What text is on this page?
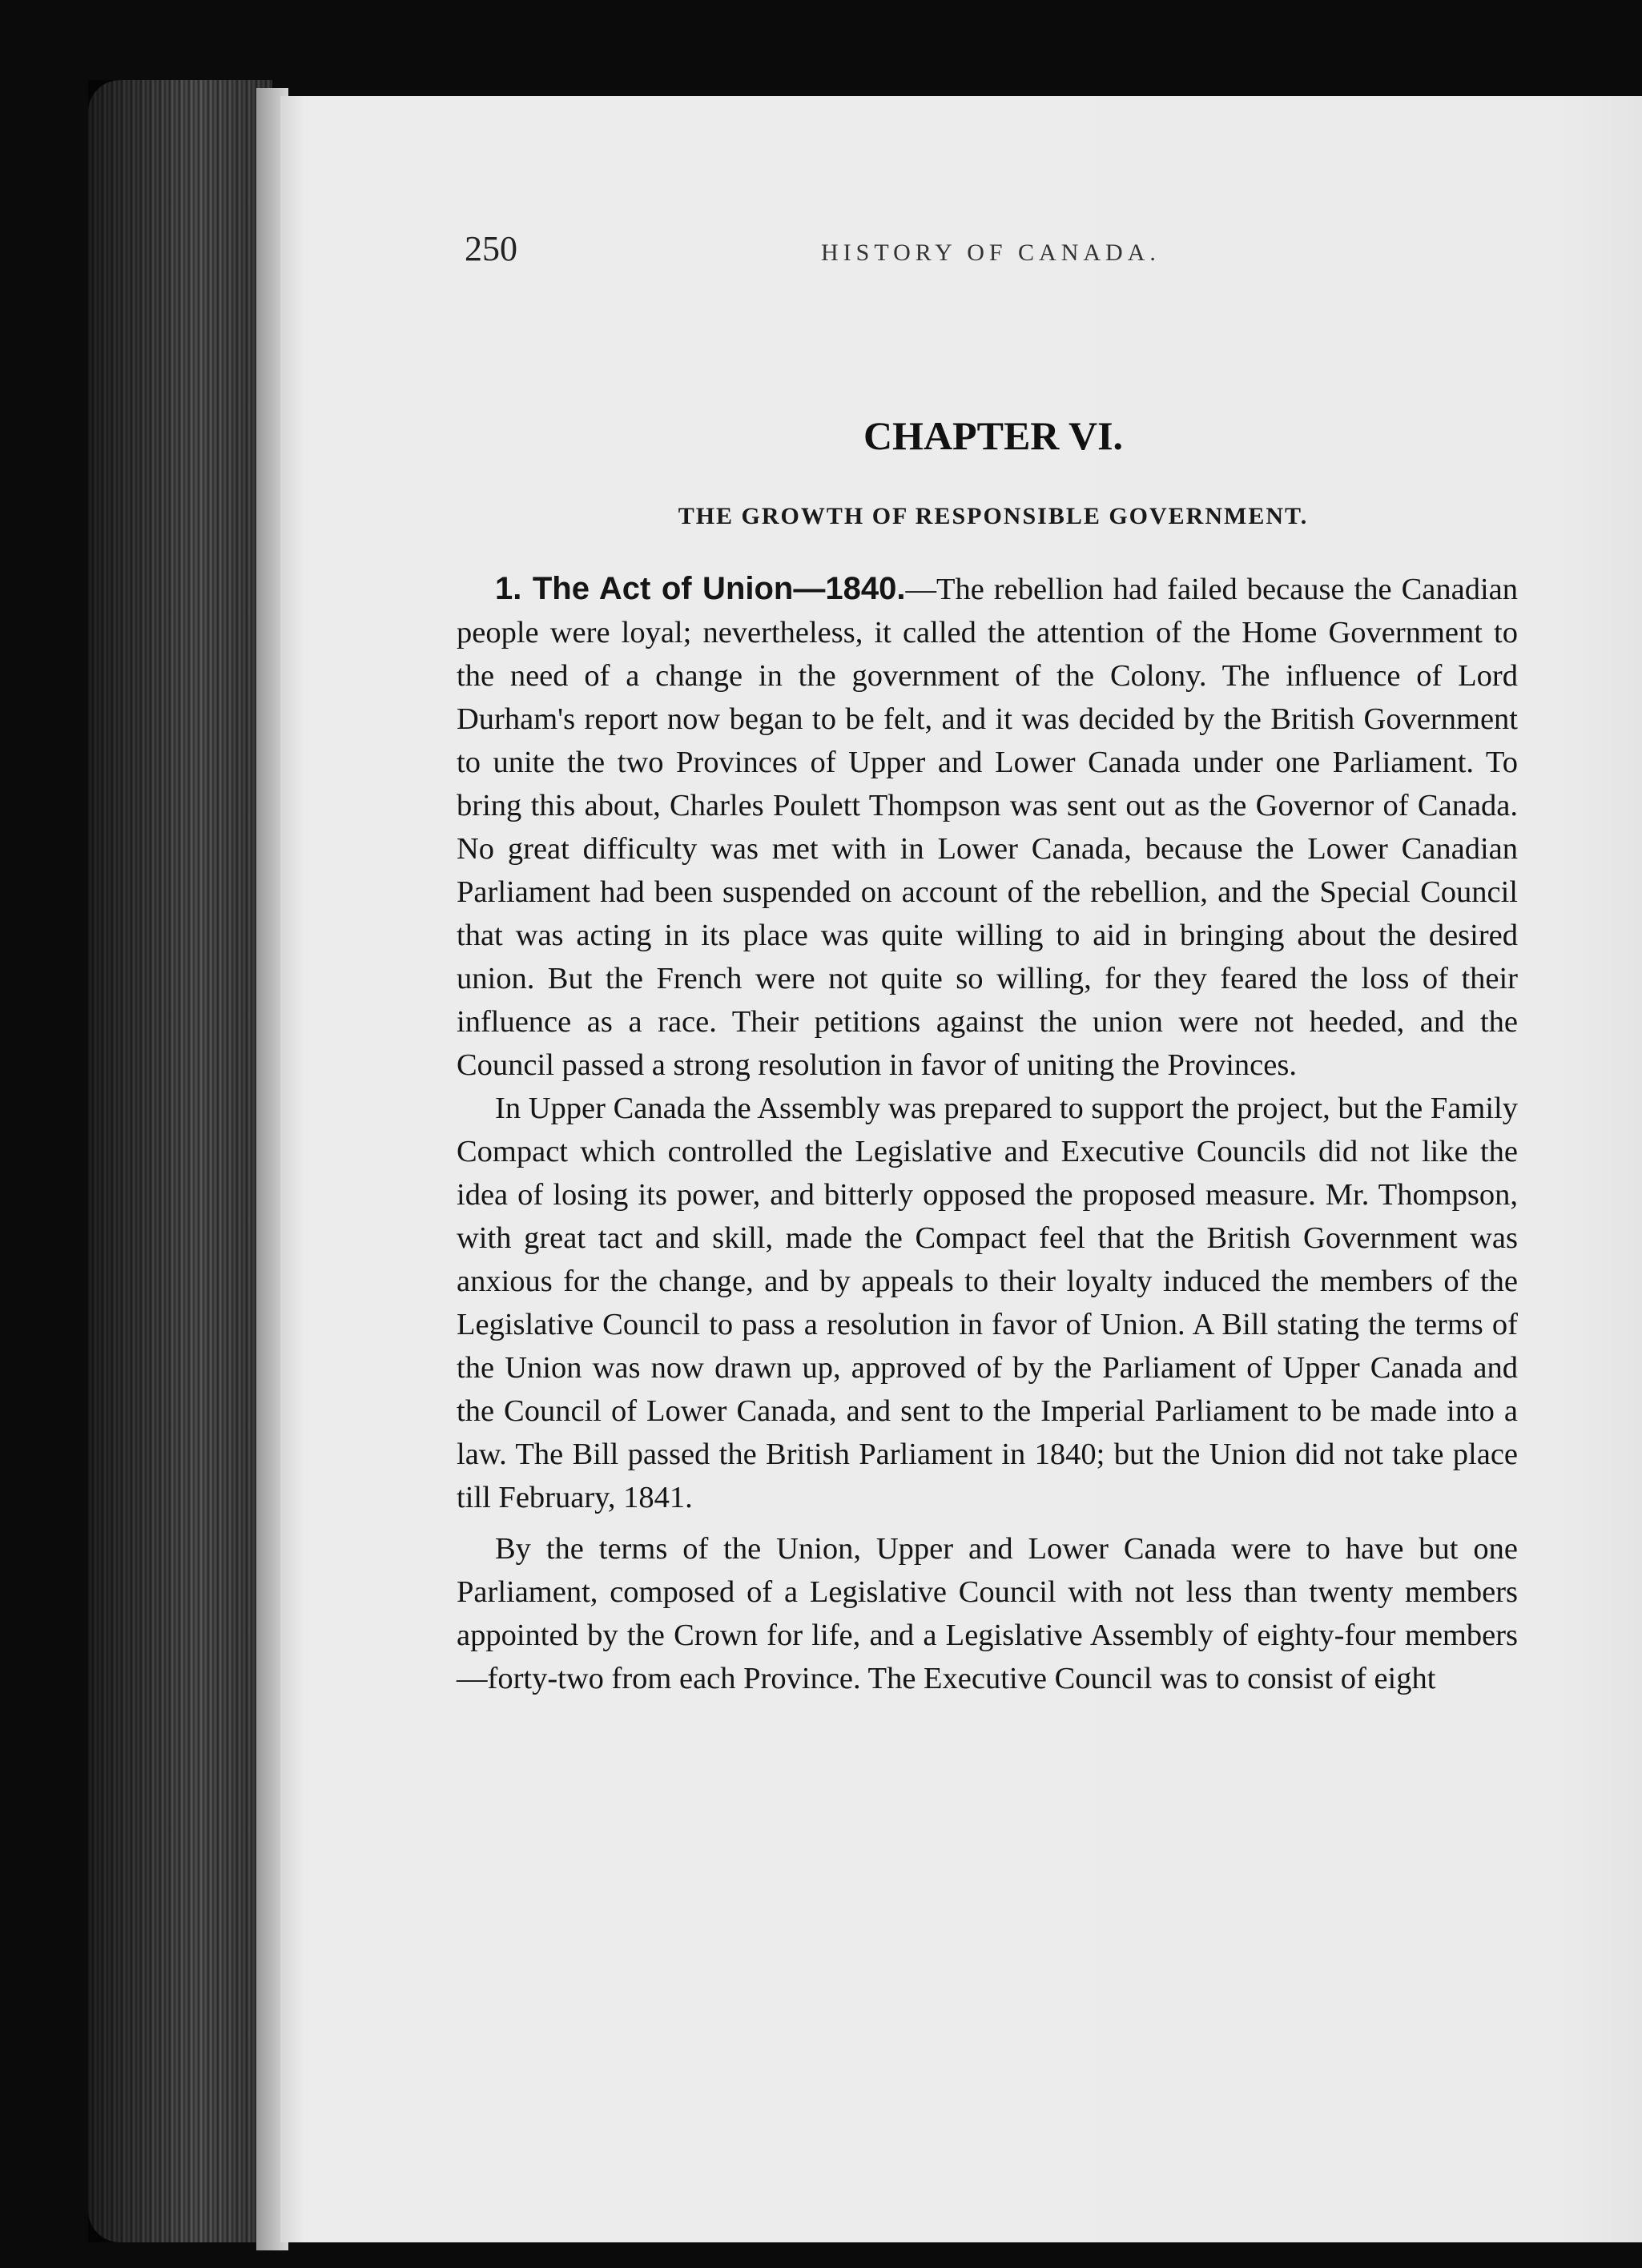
250	HISTORY OF CANADA.
CHAPTER VI.
THE GROWTH OF RESPONSIBLE GOVERNMENT.

1. The Act of Union—1840.—The rebellion had failed because the Canadian people were loyal; nevertheless, it called the attention of the Home Government to the need of a change in the government of the Colony. The influence of Lord Durham's report now began to be felt, and it was decided by the British Government to unite the two Provinces of Upper and Lower Canada under one Parliament. To bring this about, Charles Poulett Thompson was sent out as the Governor of Canada. No great difficulty was met with in Lower Canada, because the Lower Canadian Parliament had been suspended on account of the rebellion, and the Special Council that was acting in its place was quite willing to aid in bringing about the desired union. But the French were not quite so willing, for they feared the loss of their influence as a race. Their petitions against the union were not heeded, and the Council passed a strong resolution in favor of uniting the Provinces.

In Upper Canada the Assembly was prepared to support the project, but the Family Compact which controlled the Legislative and Executive Councils did not like the idea of losing its power, and bitterly opposed the proposed measure. Mr. Thompson, with great tact and skill, made the Compact feel that the British Government was anxious for the change, and by appeals to their loyalty induced the members of the Legislative Council to pass a resolution in favor of Union. A Bill stating the terms of the Union was now drawn up, approved of by the Parliament of Upper Canada and the Council of Lower Canada, and sent to the Imperial Parliament to be made into a law. The Bill passed the British Parliament in 1840; but the Union did not take place till February, 1841.

By the terms of the Union, Upper and Lower Canada were to have but one Parliament, composed of a Legislative Council with not less than twenty members appointed by the Crown for life, and a Legislative Assembly of eighty-four members—forty-two from each Province. The Executive Council was to consist of eight
